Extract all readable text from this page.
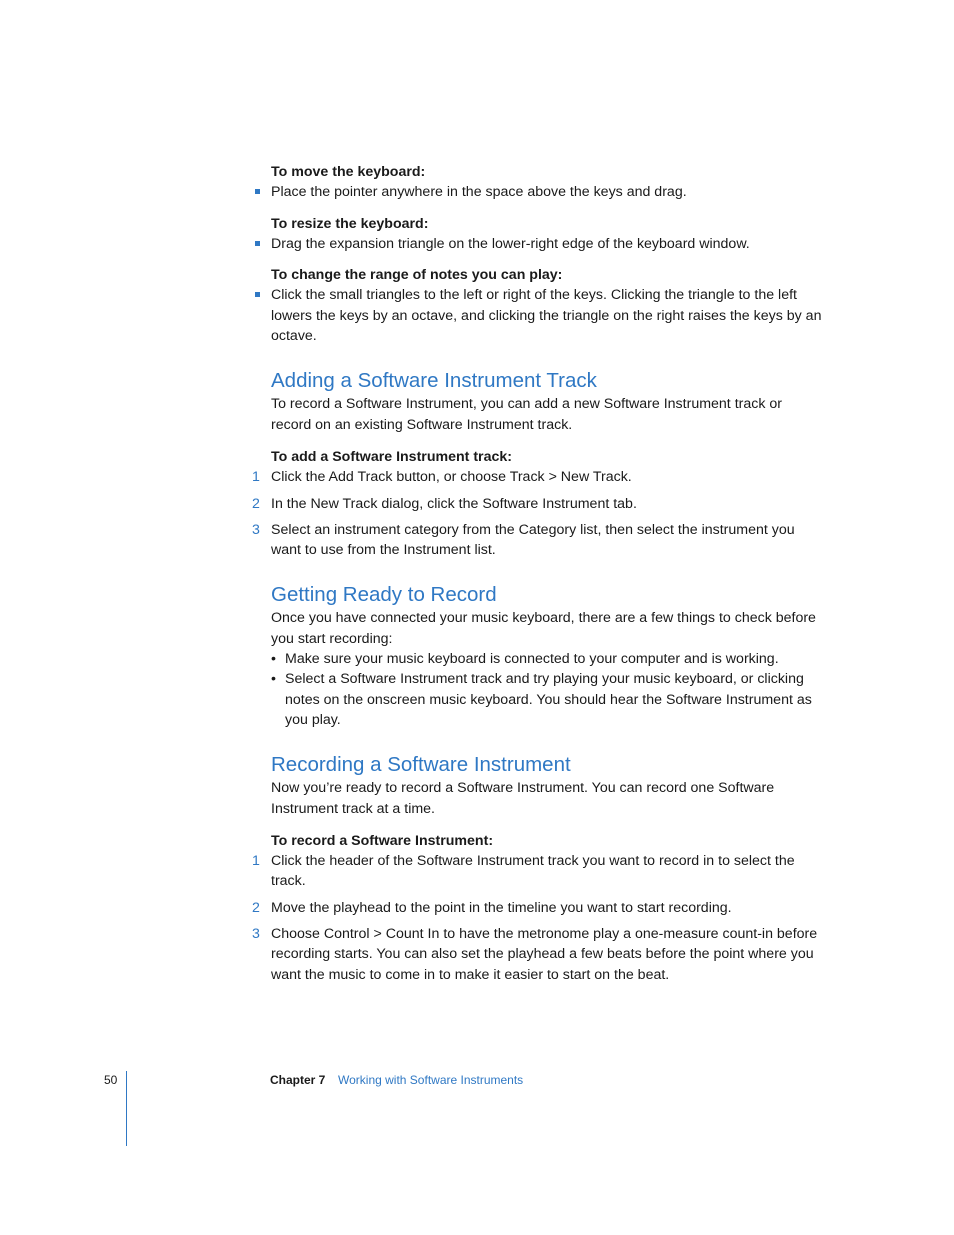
To move the keyboard:

Place the pointer anywhere in the space above the keys and drag.

To resize the keyboard:

Drag the expansion triangle on the lower-right edge of the keyboard window.

To change the range of notes you can play:

Click the small triangles to the left or right of the keys. Clicking the triangle to the left lowers the keys by an octave, and clicking the triangle on the right raises the keys by an octave.

Adding a Software Instrument Track

To record a Software Instrument, you can add a new Software Instrument track or record on an existing Software Instrument track.

To add a Software Instrument track:

1 Click the Add Track button, or choose Track > New Track.

2 In the New Track dialog, click the Software Instrument tab.

3 Select an instrument category from the Category list, then select the instrument you want to use from the Instrument list.

Getting Ready to Record

Once you have connected your music keyboard, there are a few things to check before you start recording:

• Make sure your music keyboard is connected to your computer and is working.

• Select a Software Instrument track and try playing your music keyboard, or clicking notes on the onscreen music keyboard. You should hear the Software Instrument as you play.

Recording a Software Instrument

Now you’re ready to record a Software Instrument. You can record one Software Instrument track at a time.

To record a Software Instrument:

1 Click the header of the Software Instrument track you want to record in to select the track.

2 Move the playhead to the point in the timeline you want to start recording.

3 Choose Control > Count In to have the metronome play a one-measure count-in before recording starts. You can also set the playhead a few beats before the point where you want the music to come in to make it easier to start on the beat.

50	Chapter 7 Working with Software Instruments
